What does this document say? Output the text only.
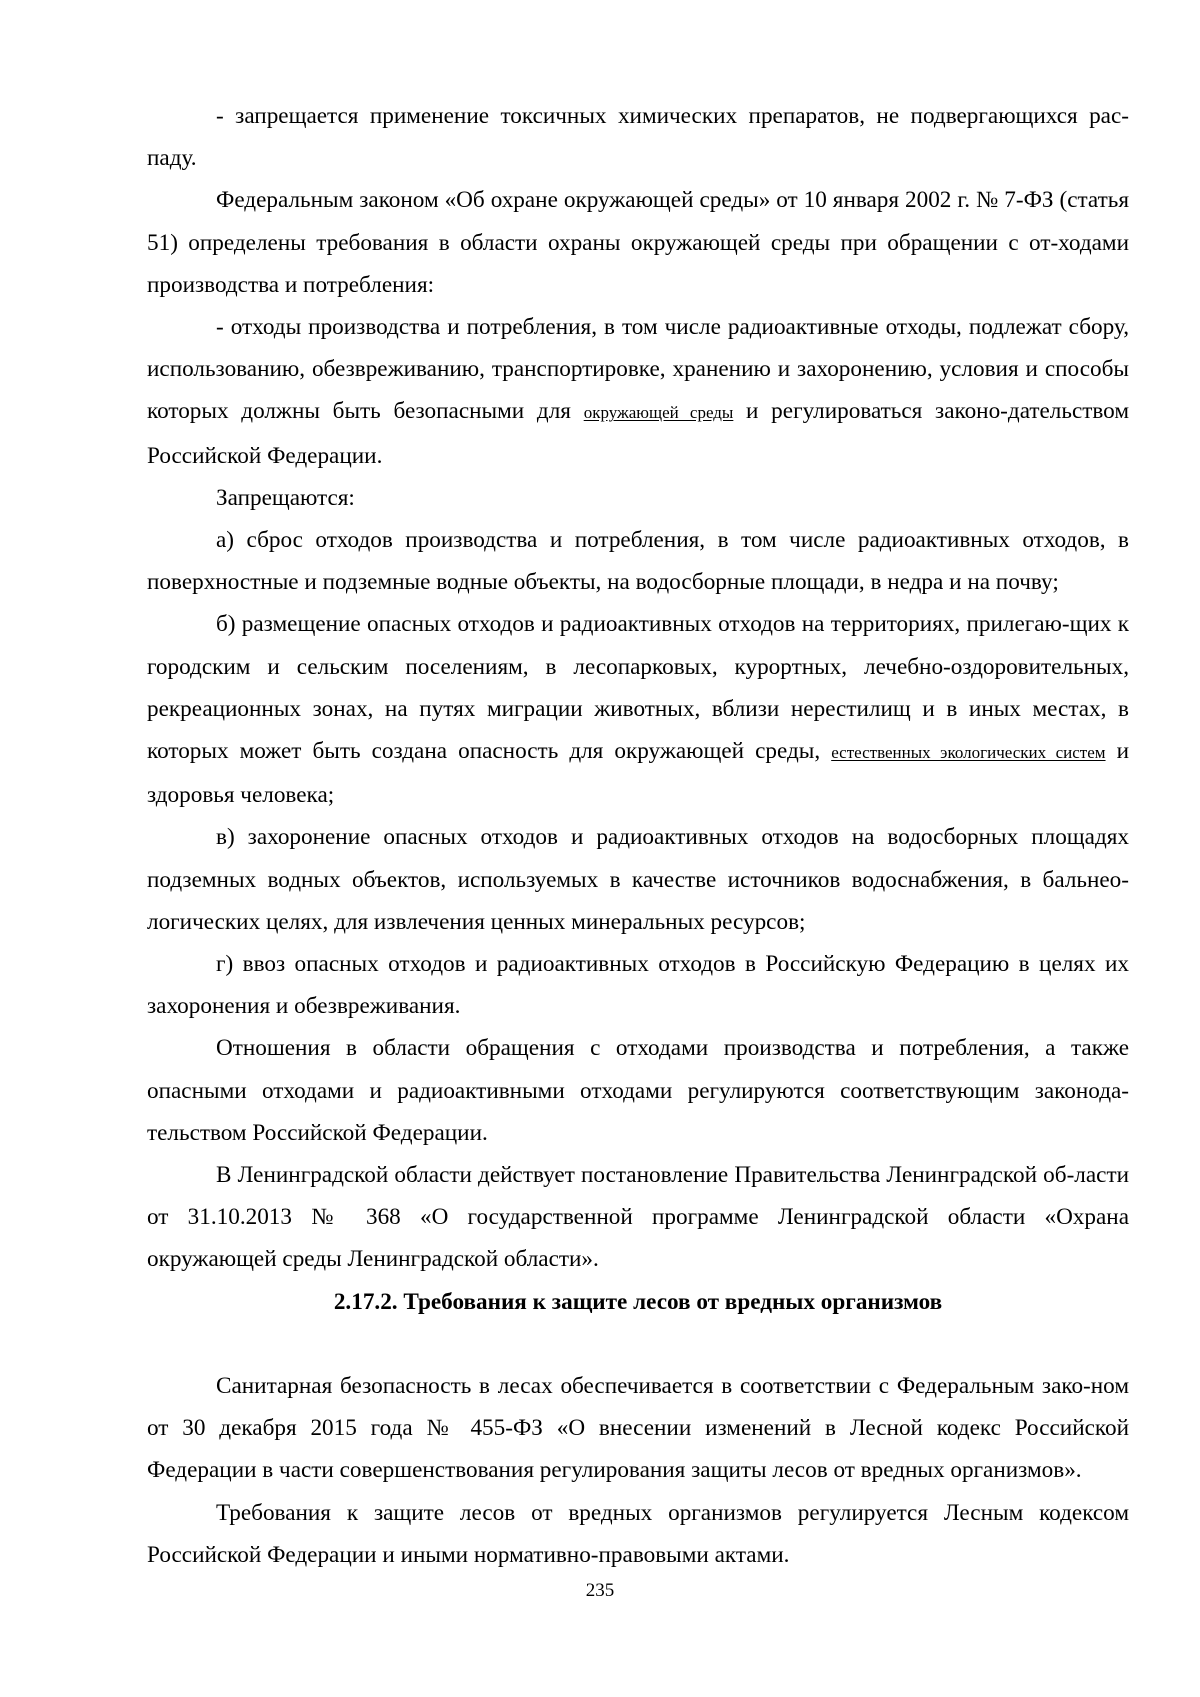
- запрещается применение токсичных химических препаратов, не подвергающихся рас-паду.

Федеральным законом «Об охране окружающей среды» от 10 января 2002 г. № 7-ФЗ (статья 51) определены требования в области охраны окружающей среды при обращении с от-ходами производства и потребления:

- отходы производства и потребления, в том числе радиоактивные отходы, подлежат сбору, использованию, обезвреживанию, транспортировке, хранению и захоронению, условия и способы которых должны быть безопасными для окружающей среды и регулироваться законо-дательством Российской Федерации.

Запрещаются:

а) сброс отходов производства и потребления, в том числе радиоактивных отходов, в поверхностные и подземные водные объекты, на водосборные площади, в недра и на почву;

б) размещение опасных отходов и радиоактивных отходов на территориях, прилегаю-щих к городским и сельским поселениям, в лесопарковых, курортных, лечебно-оздоровительных, рекреационных зонах, на путях миграции животных, вблизи нерестилищ и в иных местах, в которых может быть создана опасность для окружающей среды, естественных экологических систем и здоровья человека;

в) захоронение опасных отходов и радиоактивных отходов на водосборных площадях подземных водных объектов, используемых в качестве источников водоснабжения, в бальнео-логических целях, для извлечения ценных минеральных ресурсов;

г) ввоз опасных отходов и радиоактивных отходов в Российскую Федерацию в целях их захоронения и обезвреживания.

Отношения в области обращения с отходами производства и потребления, а также опасными отходами и радиоактивными отходами регулируются соответствующим законода-тельством Российской Федерации.

В Ленинградской области действует постановление Правительства Ленинградской об-ласти от 31.10.2013 № 368 «О государственной программе Ленинградской области «Охрана окружающей среды Ленинградской области».

2.17.2. Требования к защите лесов от вредных организмов

Санитарная безопасность в лесах обеспечивается в соответствии с Федеральным зако-ном от 30 декабря 2015 года № 455-ФЗ «О внесении изменений в Лесной кодекс Российской Федерации в части совершенствования регулирования защиты лесов от вредных организмов».

Требования к защите лесов от вредных организмов регулируется Лесным кодексом Российской Федерации и иными нормативно-правовыми актами.

235
